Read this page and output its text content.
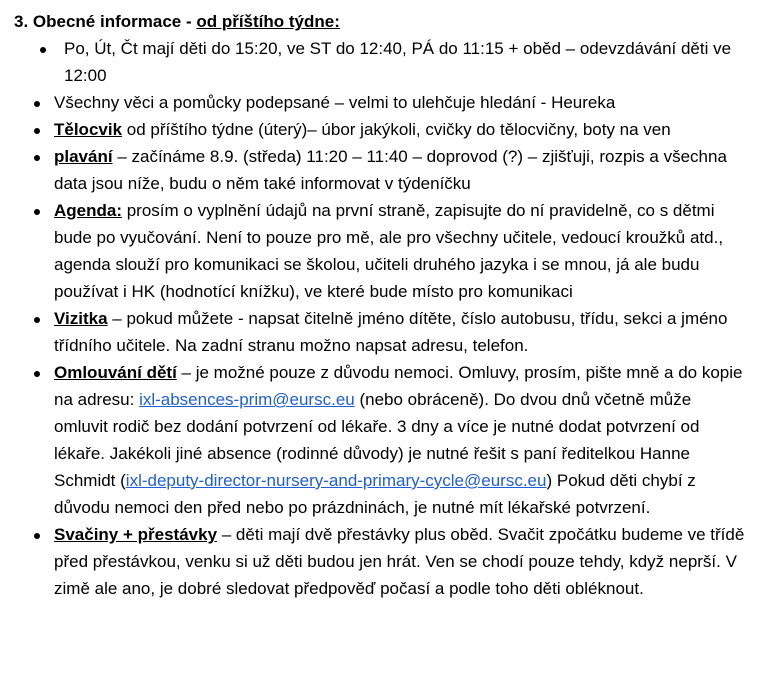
3. Obecné informace - od příštího týdne:

Po, Út, Čt mají děti do 15:20, ve ST do 12:40, PÁ do 11:15 + oběd – odevzdávání děti ve 12:00
Všechny věci a pomůcky podepsané – velmi to ulehčuje hledání - Heureka
Tělocvik od příštího týdne (úterý)– úbor jakýkoli, cvičky do tělocvičny, boty na ven
plavání – začínáme 8.9. (středa) 11:20 – 11:40 – doprovod (?) – zjišťuji, rozpis a všechna data jsou níže, budu o něm také informovat v týdeníčku
Agenda: prosím o vyplnění údajů na první straně, zapisujte do ní pravidelně, co s dětmi bude po vyučování. Není to pouze pro mě, ale pro všechny učitele, vedoucí kroužků atd., agenda slouží pro komunikaci se školou, učiteli druhého jazyka i se mnou, já ale budu používat i HK (hodnotící knížku), ve které bude místo pro komunikaci
Vizitka – pokud můžete - napsat čitelně jméno dítěte, číslo autobusu, třídu, sekci a jméno třídního učitele. Na zadní stranu možno napsat adresu, telefon.
Omlouvání dětí – je možné pouze z důvodu nemoci. Omluvy, prosím, pište mně a do kopie na adresu: ixl-absences-prim@eursc.eu (nebo obráceně). Do dvou dnů včetně může omluvit rodič bez dodání potvrzení od lékaře. 3 dny a více je nutné dodat potvrzení od lékaře. Jakékoli jiné absence (rodinné důvody) je nutné řešit s paní ředitelkou Hanne Schmidt (ixl-deputy-director-nursery-and-primary-cycle@eursc.eu) Pokud děti chybí z důvodu nemoci den před nebo po prázdninách, je nutné mít lékařské potvrzení.
Svačiny + přestávky – děti mají dvě přestávky plus oběd. Svačit zpočátku budeme ve třídě před přestávkou, venku si už děti budou jen hrát. Ven se chodí pouze tehdy, když neprší. V zimě ale ano, je dobré sledovat předpověď počasí a podle toho děti obléknout.
